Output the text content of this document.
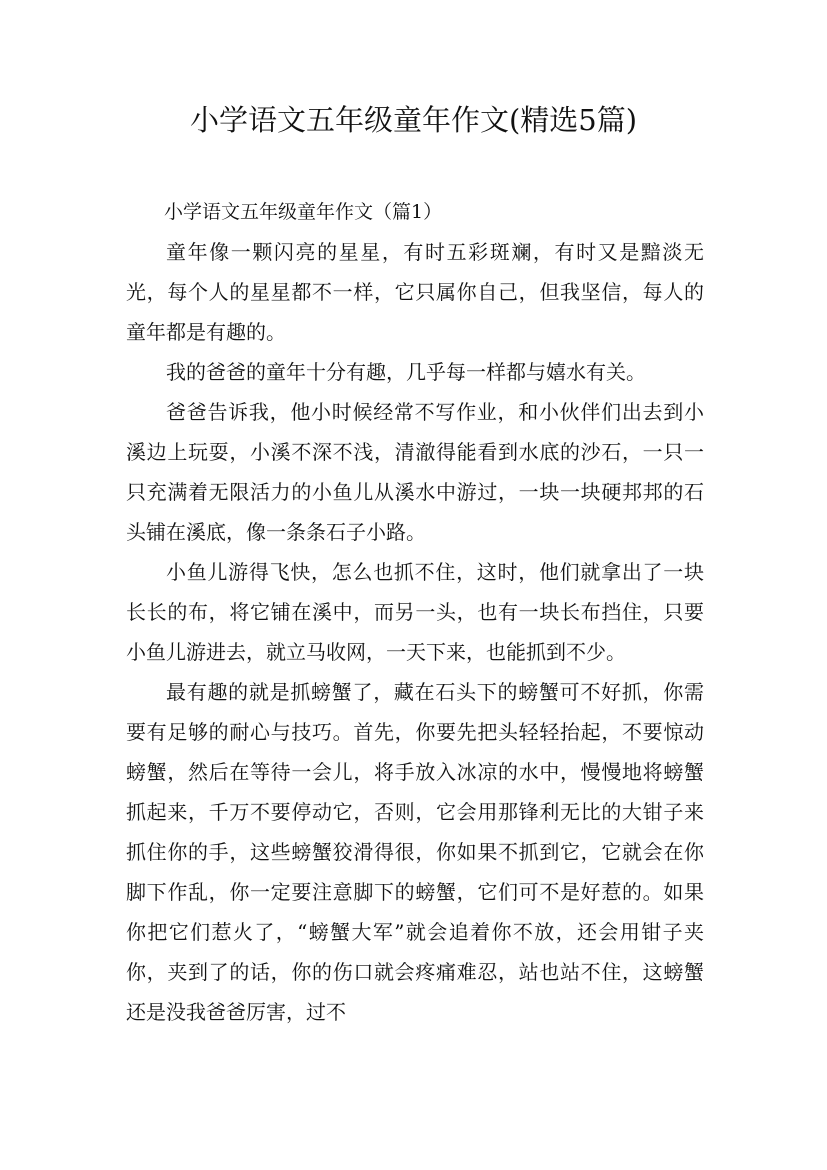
小学语文五年级童年作文(精选5篇)

小学语文五年级童年作文（篇1）

童年像一颗闪亮的星星，有时五彩斑斓，有时又是黯淡无光，每个人的星星都不一样，它只属你自己，但我坚信，每人的童年都是有趣的。

我的爸爸的童年十分有趣，几乎每一样都与嬉水有关。

爸爸告诉我，他小时候经常不写作业，和小伙伴们出去到小溪边上玩耍，小溪不深不浅，清澈得能看到水底的沙石，一只一只充满着无限活力的小鱼儿从溪水中游过，一块一块硬邦邦的石头铺在溪底，像一条条石子小路。

小鱼儿游得飞快，怎么也抓不住，这时，他们就拿出了一块长长的布，将它铺在溪中，而另一头，也有一块长布挡住，只要小鱼儿游进去，就立马收网，一天下来，也能抓到不少。

最有趣的就是抓螃蟹了，藏在石头下的螃蟹可不好抓，你需要有足够的耐心与技巧。首先，你要先把头轻轻抬起，不要惊动螃蟹，然后在等待一会儿，将手放入冰凉的水中，慢慢地将螃蟹抓起来，千万不要停动它，否则，它会用那锋利无比的大钳子来抓住你的手，这些螃蟹狡滑得很，你如果不抓到它，它就会在你脚下作乱，你一定要注意脚下的螃蟹，它们可不是好惹的。如果你把它们惹火了，“螃蟹大军”就会追着你不放，还会用钳子夹你，夹到了的话，你的伤口就会疼痛难忍，站也站不住，这螃蟹还是没我爸爸厉害，过不
